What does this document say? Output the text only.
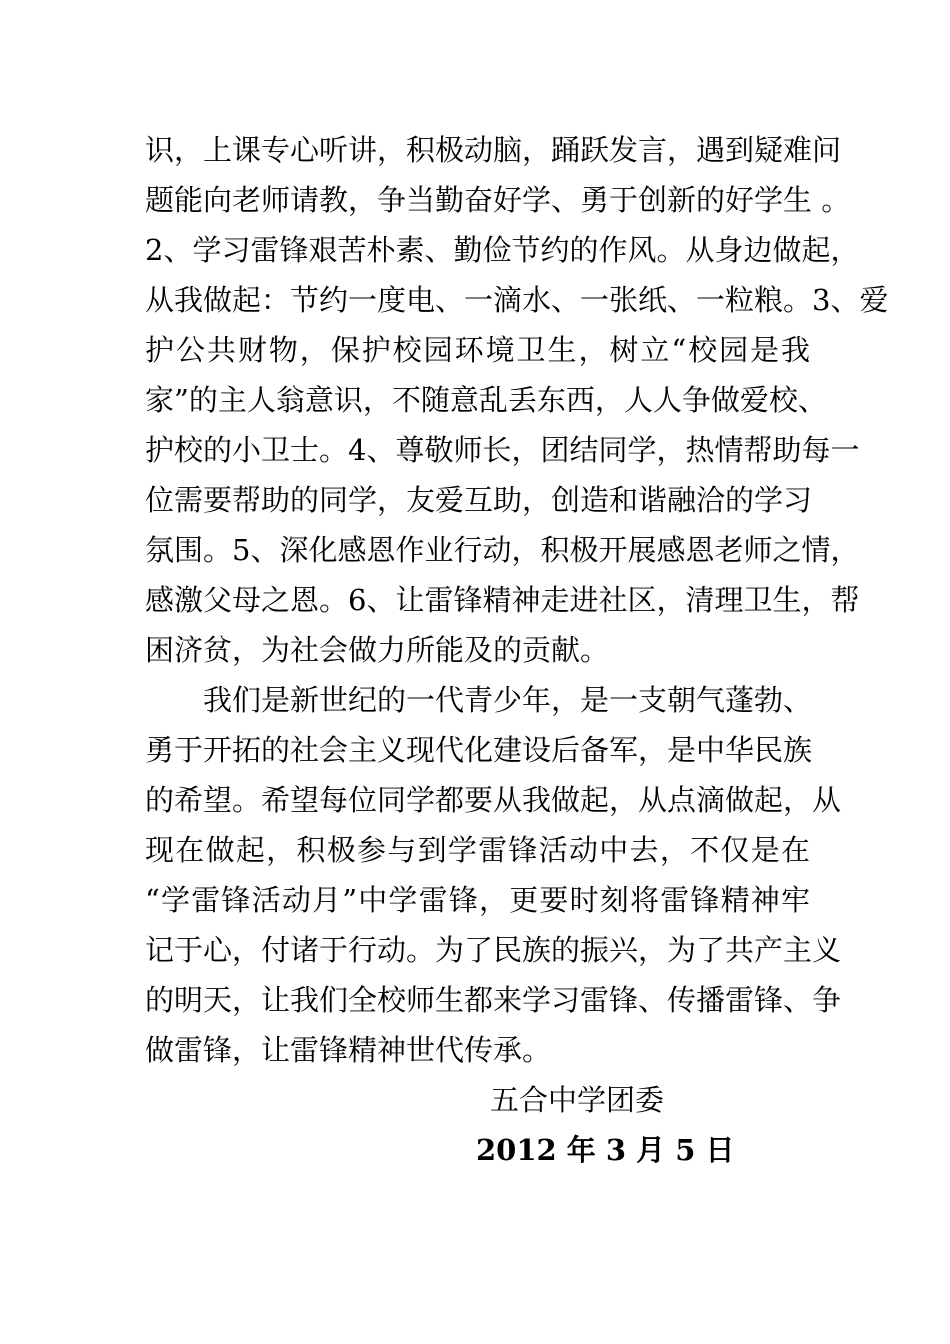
识，上课专心听讲，积极动脑，踊跃发言，遇到疑难问
题能向老师请教，争当勤奋好学、勇于创新的好学生 。
2、学习雷锋艰苦朴素、勤俭节约的作风。从身边做起，
从我做起：节约一度电、一滴水、一张纸、一粒粮。3、爱
护公共财物，保护校园环境卫生，树立“校园是我
家”的主人翁意识，不随意乱丢东西，人人争做爱校、
护校的小卫士。4、尊敬师长，团结同学，热情帮助每一
位需要帮助的同学，友爱互助，创造和谐融洽的学习
氛围。5、深化感恩作业行动，积极开展感恩老师之情，
感激父母之恩。6、让雷锋精神走进社区，清理卫生，帮
困济贫，为社会做力所能及的贡献。
我们是新世纪的一代青少年，是一支朝气蓬勃、
勇于开拓的社会主义现代化建设后备军，是中华民族
的希望。希望每位同学都要从我做起，从点滴做起，从
现在做起，积极参与到学雷锋活动中去，不仅是在
“学雷锋活动月”中学雷锋，更要时刻将雷锋精神牢
记于心，付诸于行动。为了民族的振兴，为了共产主义
的明天，让我们全校师生都来学习雷锋、传播雷锋、争
做雷锋，让雷锋精神世代传承。
五合中学团委
2012 年 3 月 5 日
